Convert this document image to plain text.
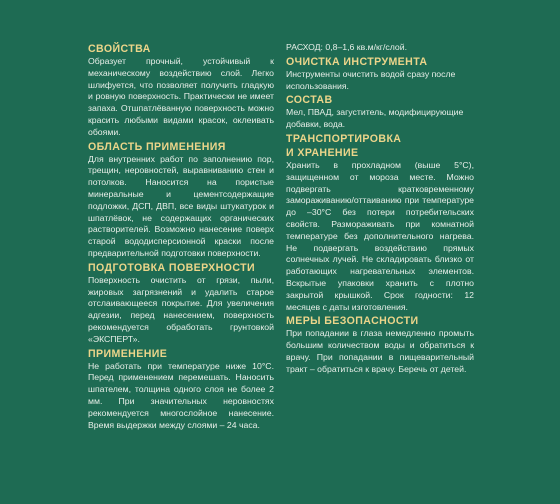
СВОЙСТВА

Образует прочный, устойчивый к механическому воздействию слой. Легко шлифуется, что позволяет получить гладкую и ровную поверхность. Практически не имеет запаха. Отшпатлёванную поверхность можно красить любыми видами красок, оклеивать обоями.

ОБЛАСТЬ ПРИМЕНЕНИЯ

Для внутренних работ по заполнению пор, трещин, неровностей, выравниванию стен и потолков. Наносится на пористые минеральные и цементсодержащие подложки, ДСП, ДВП, все виды штукатурок и шпатлёвок, не содержащих органических растворителей. Возможно нанесение поверх старой вододисперсионной краски после предварительной подготовки поверхности.

ПОДГОТОВКА ПОВЕРХНОСТИ

Поверхность очистить от грязи, пыли, жировых загрязнений и удалить старое отслаивающееся покрытие. Для увеличения адгезии, перед нанесением, поверхность рекомендуется обработать грунтовкой «ЭКСПЕРТ».

ПРИМЕНЕНИЕ

Не работать при температуре ниже 10°С. Перед применением перемешать. Наносить шпателем, толщина одного слоя не более 2 мм. При значительных неровностях рекомендуется многослойное нанесение. Время выдержки между слоями – 24 часа.

РАСХОД: 0,8–1,6 кв.м/кг/слой.

ОЧИСТКА ИНСТРУМЕНТА

Инструменты очистить водой сразу после использования.

СОСТАВ

Мел, ПВАД, загуститель, модифицирующие добавки, вода.

ТРАНСПОРТИРОВКА
И ХРАНЕНИЕ

Хранить в прохладном (выше 5°С), защищенном от мороза месте. Можно подвергать кратковременному замораживанию/оттаиванию при температуре до –30°С без потери потребительских свойств. Размораживать при комнатной температуре без дополнительного нагрева. Не подвергать воздействию прямых солнечных лучей. Не складировать близко от работающих нагревательных элементов. Вскрытые упаковки хранить с плотно закрытой крышкой. Срок годности: 12 месяцев с даты изготовления.

МЕРЫ БЕЗОПАСНОСТИ

При попадании в глаза немедленно промыть большим количеством воды и обратиться к врачу. При попадании в пищеварительный тракт – обратиться к врачу. Беречь от детей.
